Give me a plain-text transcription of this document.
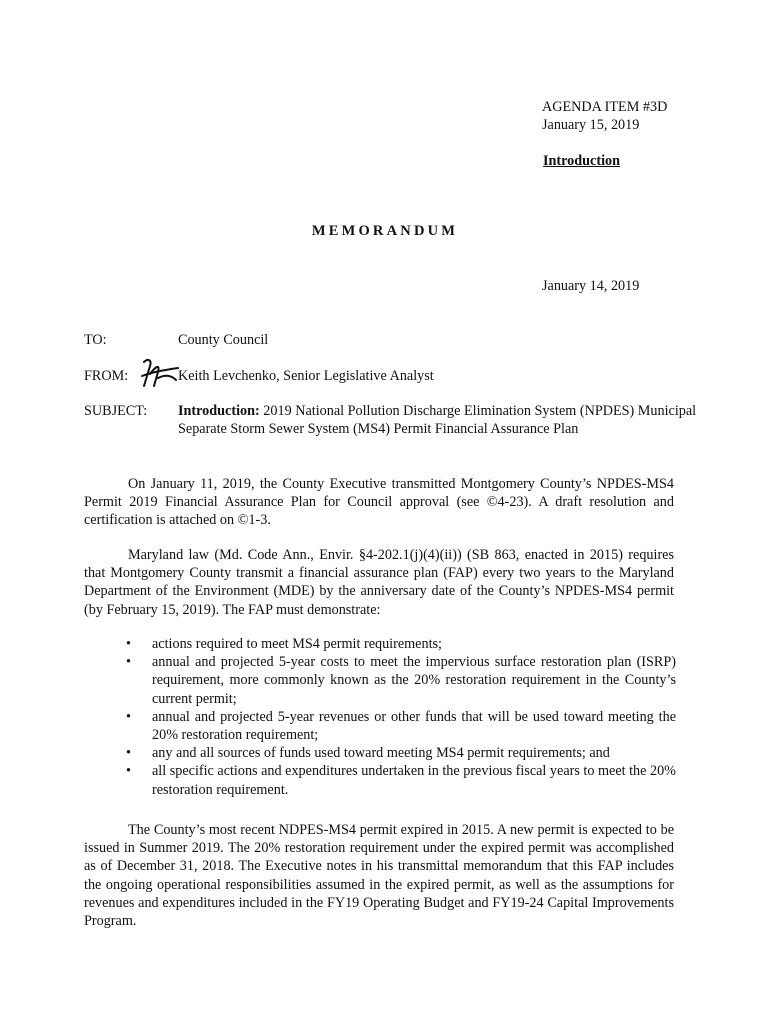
AGENDA ITEM #3D
January 15, 2019
Introduction
MEMORANDUM
January 14, 2019
TO:	County Council
FROM:	Keith Levchenko, Senior Legislative Analyst
SUBJECT: Introduction: 2019 National Pollution Discharge Elimination System (NPDES) Municipal Separate Storm Sewer System (MS4) Permit Financial Assurance Plan
On January 11, 2019, the County Executive transmitted Montgomery County’s NPDES-MS4 Permit 2019 Financial Assurance Plan for Council approval (see ©4-23). A draft resolution and certification is attached on ©1-3.
Maryland law (Md. Code Ann., Envir. §4-202.1(j)(4)(ii)) (SB 863, enacted in 2015) requires that Montgomery County transmit a financial assurance plan (FAP) every two years to the Maryland Department of the Environment (MDE) by the anniversary date of the County’s NPDES-MS4 permit (by February 15, 2019). The FAP must demonstrate:
• actions required to meet MS4 permit requirements;
• annual and projected 5-year costs to meet the impervious surface restoration plan (ISRP) requirement, more commonly known as the 20% restoration requirement in the County’s current permit;
• annual and projected 5-year revenues or other funds that will be used toward meeting the 20% restoration requirement;
• any and all sources of funds used toward meeting MS4 permit requirements; and
• all specific actions and expenditures undertaken in the previous fiscal years to meet the 20% restoration requirement.
The County’s most recent NDPES-MS4 permit expired in 2015. A new permit is expected to be issued in Summer 2019. The 20% restoration requirement under the expired permit was accomplished as of December 31, 2018. The Executive notes in his transmittal memorandum that this FAP includes the ongoing operational responsibilities assumed in the expired permit, as well as the assumptions for revenues and expenditures included in the FY19 Operating Budget and FY19-24 Capital Improvements Program.
